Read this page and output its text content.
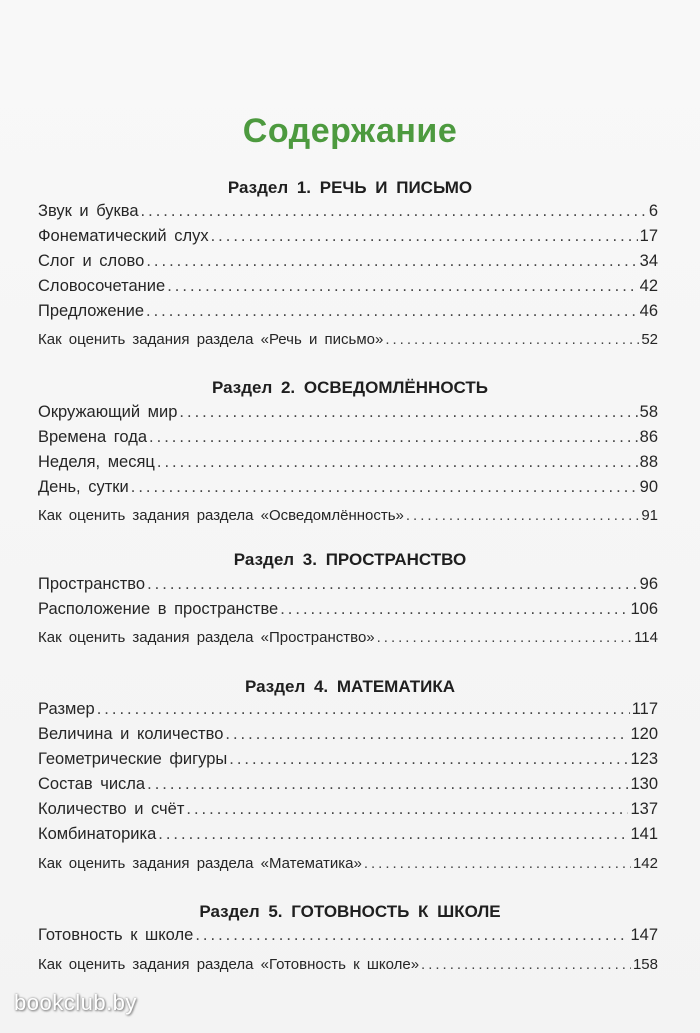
Содержание
Раздел 1. РЕЧЬ И ПИСЬМО
Звук и буква .....	6
Фонематический слух .....	17
Слог и слово .....	34
Словосочетание .....	42
Предложение .....	46
Как оценить задания раздела «Речь и письмо» .....	52
Раздел 2. ОСВЕДОМЛЁННОСТЬ
Окружающий мир .....	58
Времена года .....	86
Неделя, месяц .....	88
День, сутки .....	90
Как оценить задания раздела «Осведомлённость» .....	91
Раздел 3. ПРОСТРАНСТВО
Пространство .....	96
Расположение в пространстве .....	106
Как оценить задания раздела «Пространство» .....	114
Раздел 4. МАТЕМАТИКА
Размер .....	117
Величина и количество .....	120
Геометрические фигуры .....	123
Состав числа .....	130
Количество и счёт .....	137
Комбинаторика .....	141
Как оценить задания раздела «Математика» .....	142
Раздел 5. ГОТОВНОСТЬ К ШКОЛЕ
Готовность к школе .....	147
Как оценить задания раздела «Готовность к школе» .....	158
bookclub.by
